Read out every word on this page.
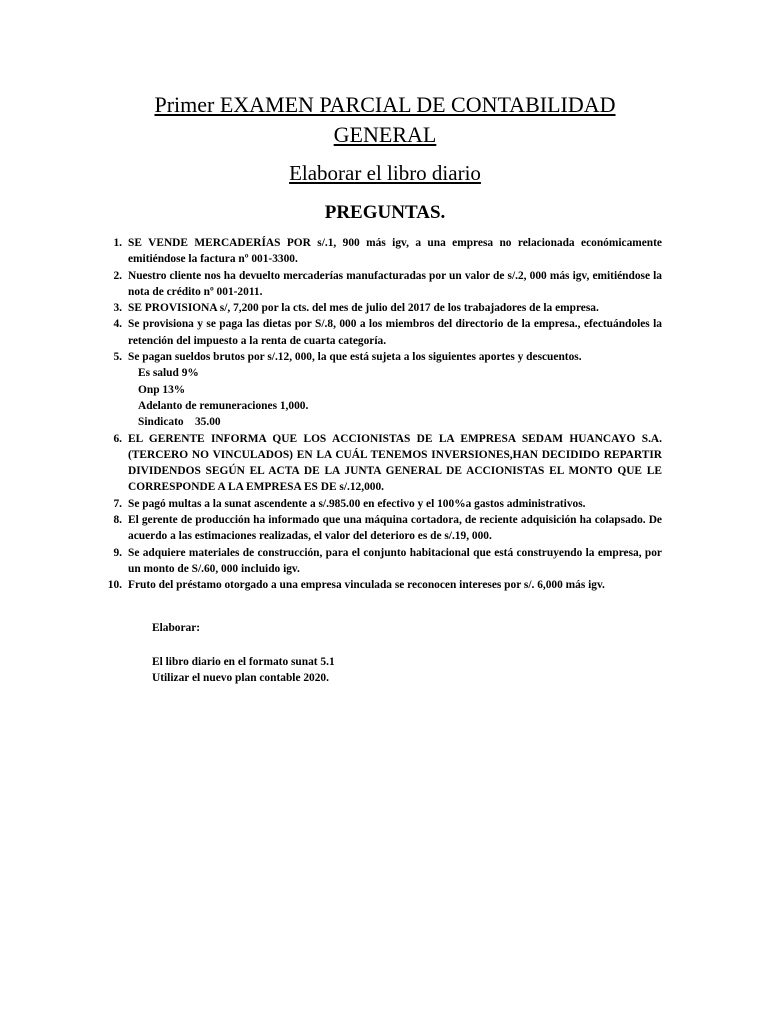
Primer EXAMEN PARCIAL DE CONTABILIDAD
GENERAL
Elaborar el libro diario
PREGUNTAS.
1. SE VENDE MERCADERÍAS POR s/.1, 900 más igv, a una empresa no relacionada económicamente emitiéndose la factura nº 001-3300.
2. Nuestro cliente nos ha devuelto mercaderías manufacturadas por un valor de s/.2, 000 más igv, emitiéndose la nota de crédito nº 001-2011.
3. SE PROVISIONA s/, 7,200 por la cts. del mes de julio del 2017 de los trabajadores de la empresa.
4. Se provisiona y se paga las dietas por S/.8, 000 a los miembros del directorio de la empresa., efectuándoles la retención del impuesto a la renta de cuarta categoría.
5. Se pagan sueldos brutos por s/.12, 000, la que está sujeta a los siguientes aportes y descuentos.
Es salud 9%
Onp 13%
Adelanto de remuneraciones 1,000.
Sindicato    35.00
6. EL GERENTE INFORMA QUE LOS ACCIONISTAS DE LA EMPRESA SEDAM HUANCAYO S.A.(TERCERO NO VINCULADOS) EN LA CUÁL TENEMOS INVERSIONES,HAN DECIDIDO REPARTIR DIVIDENDOS SEGÚN EL ACTA DE LA JUNTA GENERAL DE ACCIONISTAS EL MONTO QUE LE CORRESPONDE A LA EMPRESA ES DE s/.12,000.
7. Se pagó multas a la sunat ascendente a s/.985.00 en efectivo y el 100%a gastos administrativos.
8. El gerente de producción ha informado que una máquina cortadora, de reciente adquisición ha colapsado. De acuerdo a las estimaciones realizadas, el valor del deterioro es de s/.19, 000.
9. Se adquiere materiales de construcción, para el conjunto habitacional que está construyendo la empresa, por un monto de S/.60, 000 incluido igv.
10. Fruto del préstamo otorgado a una empresa vinculada se reconocen intereses por s/. 6,000 más igv.
Elaborar:
El libro diario en el formato sunat 5.1
Utilizar el nuevo plan contable 2020.
